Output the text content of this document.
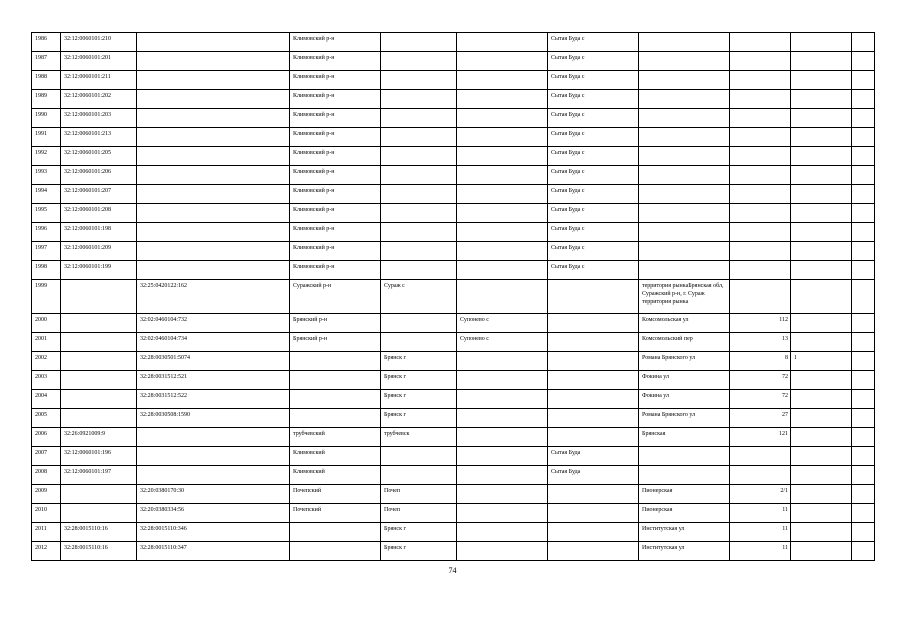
1986	32:12:0060101:210		Климовский р-н			Сытая Буда с				
1987	32:12:0060101:201		Климовский р-н			Сытая Буда с				
1988	32:12:0060101:211		Климовский р-н			Сытая Буда с				
1989	32:12:0060101:202		Климовский р-н			Сытая Буда с				
1990	32:12:0060101:203		Климовский р-н			Сытая Буда с				
1991	32:12:0060101:213		Климовский р-н			Сытая Буда с				
1992	32:12:0060101:205		Климовский р-н			Сытая Буда с				
1993	32:12:0060101:206		Климовский р-н			Сытая Буда с				
1994	32:12:0060101:207		Климовский р-н			Сытая Буда с				
1995	32:12:0060101:208		Климовский р-н			Сытая Буда с				
1996	32:12:0060101:198		Климовский р-н			Сытая Буда с				
1997	32:12:0060101:209		Климовский р-н			Сытая Буда с				
1998	32:12:0060101:199		Климовский р-н			Сытая Буда с				
1999		32:25:0420122:162	Суражский р-н	Сураж с			территория рынкаБрянская обл, Суражский р-н, г. Сураж территория рынка			
2000		32:02:0460104:732	Брянский р-н		Супонево с		Комсомольская ул	112		
2001		32:02:0460104:734	Брянский р-н		Супонево с		Комсомольский пер	13		
2002		32:28:0030501:5074		Брянск г			Романа Брянского ул	8	1	
2003		32:28:0031512:521		Брянск г			Фокина ул	72		
2004		32:28:0031512:522		Брянск г			Фокина ул	72		
2005		32:28:0030508:1590		Брянск г			Романа Брянского ул	27		
2006	32:26:0921009:9		трубчевский	трубчевск			Брянская	121		
2007	32:12:0060101:196		Климовский			Сытая Буда				
2008	32:12:0060101:197		Климовский			Сытая Буда				
2009		32:20:0380170:30	Почепский	Почеп			Пионерская	2/1		
2010		32:20:0380334:56	Почепский	Почеп			Пионерская	11		
2011	32:28:0015110:16	32:28:0015110:346		Брянск г			Институтская ул	11		
2012	32:28:0015110:16	32:28:0015110:347		Брянск г			Институтская ул	11		
74
